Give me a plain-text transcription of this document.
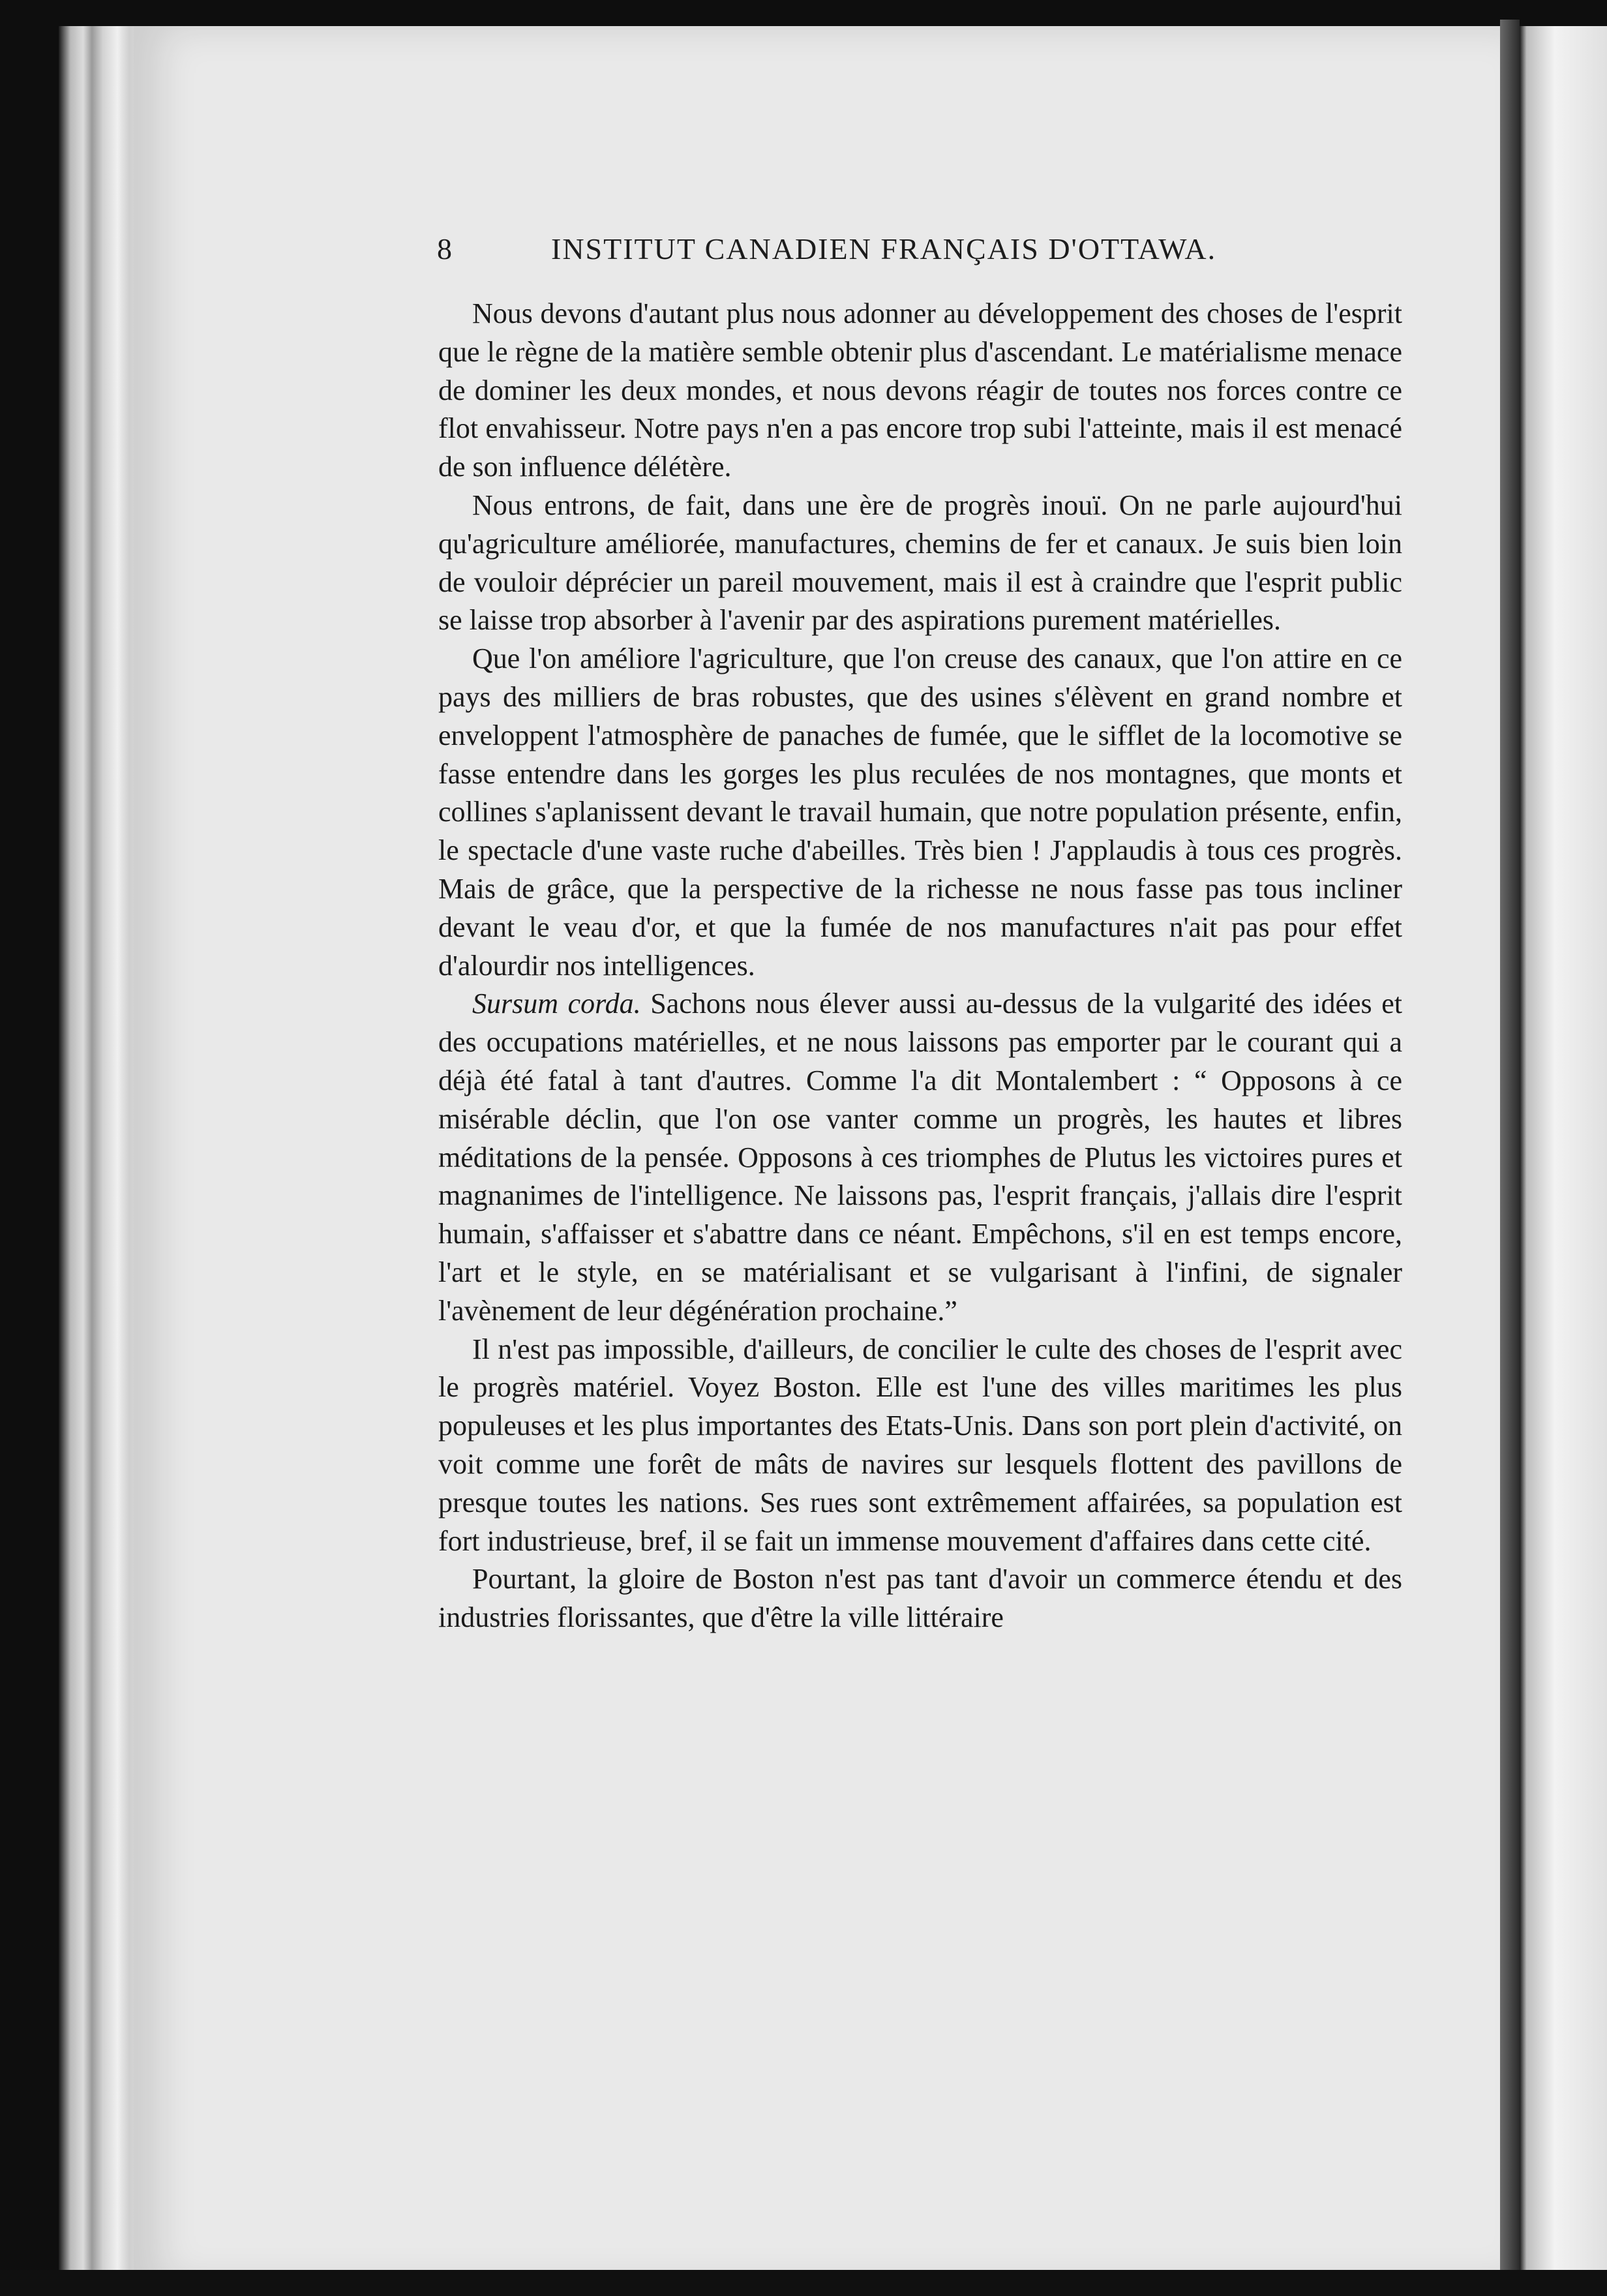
8	INSTITUT CANADIEN FRANÇAIS D'OTTAWA.

Nous devons d'autant plus nous adonner au développement des choses de l'esprit que le règne de la matière semble obtenir plus d'ascendant. Le matérialisme menace de dominer les deux mondes, et nous devons réagir de toutes nos forces contre ce flot envahisseur. Notre pays n'en a pas encore trop subi l'atteinte, mais il est menacé de son influence délétère.

Nous entrons, de fait, dans une ère de progrès inouï. On ne parle aujourd'hui qu'agriculture améliorée, manufactures, chemins de fer et canaux. Je suis bien loin de vouloir déprécier un pareil mouvement, mais il est à craindre que l'esprit public se laisse trop absorber à l'avenir par des aspirations purement matérielles.

Que l'on améliore l'agriculture, que l'on creuse des canaux, que l'on attire en ce pays des milliers de bras robustes, que des usines s'élèvent en grand nombre et enveloppent l'atmosphère de panaches de fumée, que le sifflet de la locomotive se fasse entendre dans les gorges les plus reculées de nos montagnes, que monts et collines s'aplanissent devant le travail humain, que notre population présente, enfin, le spectacle d'une vaste ruche d'abeilles. Très bien ! J'applaudis à tous ces progrès. Mais de grâce, que la perspective de la richesse ne nous fasse pas tous incliner devant le veau d'or, et que la fumée de nos manufactures n'ait pas pour effet d'alourdir nos intelligences.

Sursum corda. Sachons nous élever aussi au-dessus de la vulgarité des idées et des occupations matérielles, et ne nous laissons pas emporter par le courant qui a déjà été fatal à tant d'autres. Comme l'a dit Montalembert : “ Opposons à ce misérable déclin, que l'on ose vanter comme un progrès, les hautes et libres méditations de la pensée. Opposons à ces triomphes de Plutus les victoires pures et magnanimes de l'intelligence. Ne laissons pas, l'esprit français, j'allais dire l'esprit humain, s'affaisser et s'abattre dans ce néant. Empêchons, s'il en est temps encore, l'art et le style, en se matérialisant et se vulgarisant à l'infini, de signaler l'avènement de leur dégénération prochaine.”

Il n'est pas impossible, d'ailleurs, de concilier le culte des choses de l'esprit avec le progrès matériel. Voyez Boston. Elle est l'une des villes maritimes les plus populeuses et les plus importantes des Etats-Unis. Dans son port plein d'activité, on voit comme une forêt de mâts de navires sur lesquels flottent des pavillons de presque toutes les nations. Ses rues sont extrêmement affairées, sa population est fort industrieuse, bref, il se fait un immense mouvement d'affaires dans cette cité.

Pourtant, la gloire de Boston n'est pas tant d'avoir un commerce étendu et des industries florissantes, que d'être la ville littéraire
